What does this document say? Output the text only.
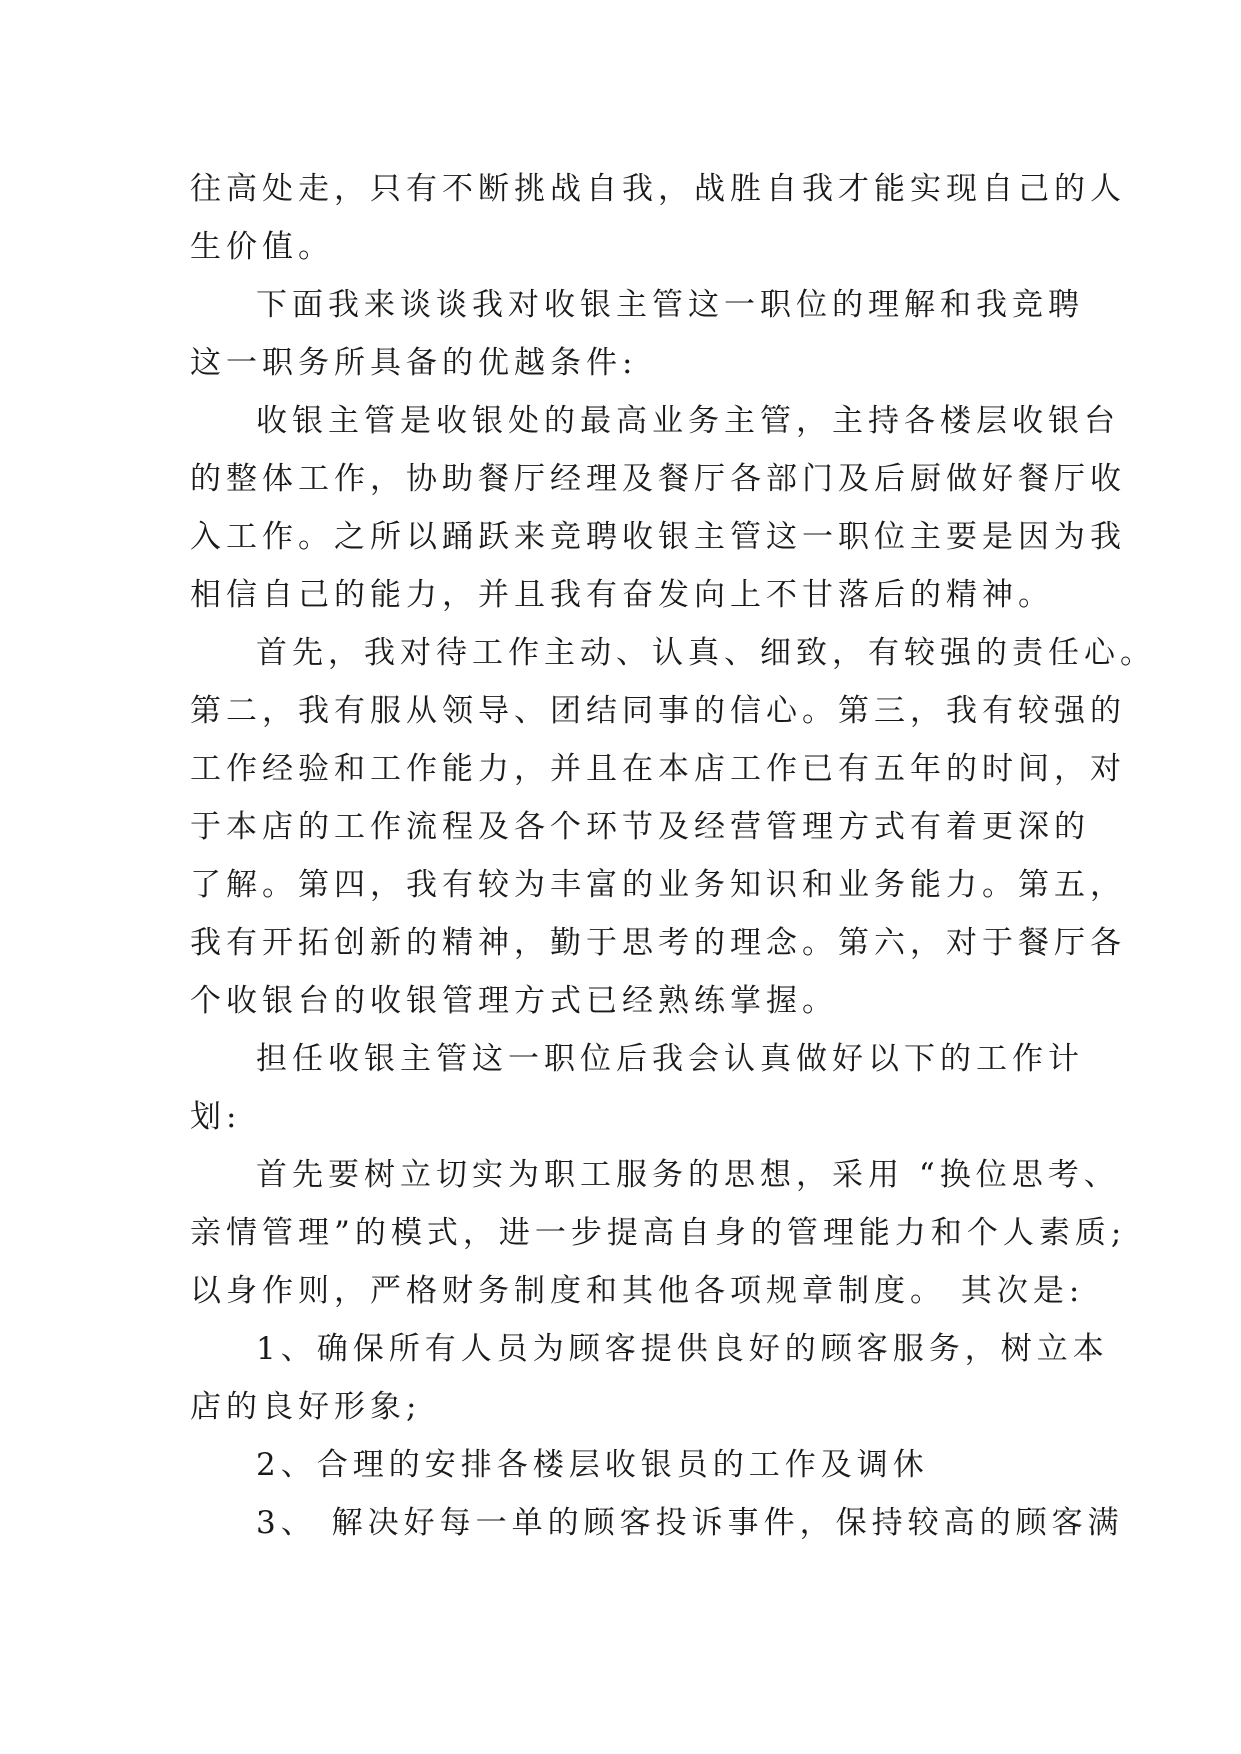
往高处走，只有不断挑战自我，战胜自我才能实现自己的人
生价值。
下面我来谈谈我对收银主管这一职位的理解和我竞聘
这一职务所具备的优越条件:
收银主管是收银处的最高业务主管，主持各楼层收银台
的整体工作，协助餐厅经理及餐厅各部门及后厨做好餐厅收
入工作。之所以踊跃来竞聘收银主管这一职位主要是因为我
相信自己的能力，并且我有奋发向上不甘落后的精神。
首先，我对待工作主动、认真、细致，有较强的责任心。
第二，我有服从领导、团结同事的信心。第三，我有较强的
工作经验和工作能力，并且在本店工作已有五年的时间，对
于本店的工作流程及各个环节及经营管理方式有着更深的
了解。第四，我有较为丰富的业务知识和业务能力。第五，
我有开拓创新的精神，勤于思考的理念。第六，对于餐厅各
个收银台的收银管理方式已经熟练掌握。
担任收银主管这一职位后我会认真做好以下的工作计
划:
首先要树立切实为职工服务的思想，采用 “换位思考、
亲情管理”的模式，进一步提高自身的管理能力和个人素质;
以身作则，严格财务制度和其他各项规章制度。 其次是:
1、确保所有人员为顾客提供良好的顾客服务，树立本
店的良好形象;
2、合理的安排各楼层收银员的工作及调休
3、 解决好每一单的顾客投诉事件，保持较高的顾客满
